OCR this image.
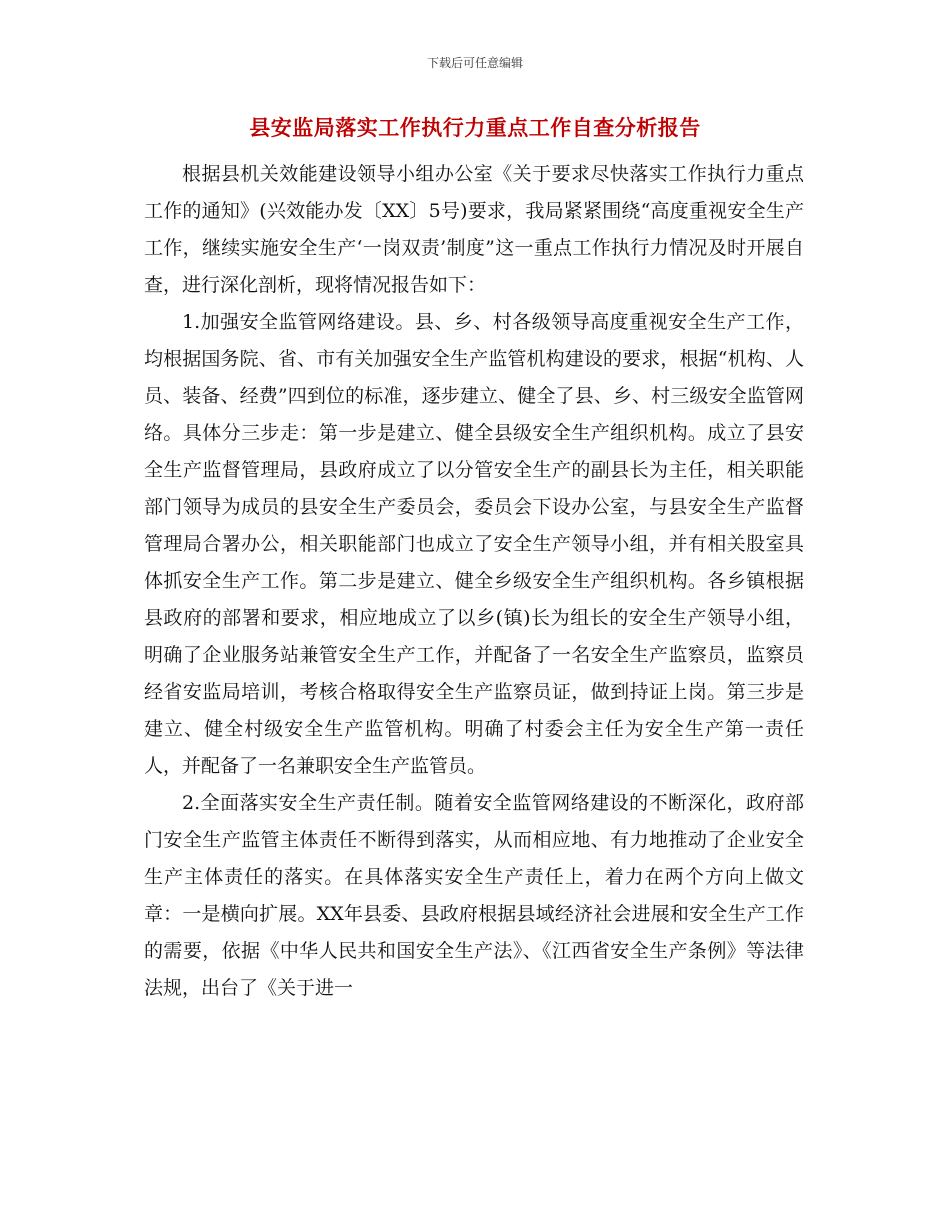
下载后可任意编辑
县安监局落实工作执行力重点工作自查分析报告

根据县机关效能建设领导小组办公室《关于要求尽快落实工作执行力重点工作的通知》(兴效能办发〔XX〕5号)要求，我局紧紧围绕“高度重视安全生产工作，继续实施安全生产‘一岗双责’制度”这一重点工作执行力情况及时开展自查，进行深化剖析，现将情况报告如下：

1.加强安全监管网络建设。县、乡、村各级领导高度重视安全生产工作，均根据国务院、省、市有关加强安全生产监管机构建设的要求，根据“机构、人员、装备、经费”四到位的标准，逐步建立、健全了县、乡、村三级安全监管网络。具体分三步走：第一步是建立、健全县级安全生产组织机构。成立了县安全生产监督管理局，县政府成立了以分管安全生产的副县长为主任，相关职能部门领导为成员的县安全生产委员会，委员会下设办公室，与县安全生产监督管理局合署办公，相关职能部门也成立了安全生产领导小组，并有相关股室具体抓安全生产工作。第二步是建立、健全乡级安全生产组织机构。各乡镇根据县政府的部署和要求，相应地成立了以乡(镇)长为组长的安全生产领导小组，明确了企业服务站兼管安全生产工作，并配备了一名安全生产监察员，监察员经省安监局培训，考核合格取得安全生产监察员证，做到持证上岗。第三步是建立、健全村级安全生产监管机构。明确了村委会主任为安全生产第一责任人，并配备了一名兼职安全生产监管员。

2.全面落实安全生产责任制。随着安全监管网络建设的不断深化，政府部门安全生产监管主体责任不断得到落实，从而相应地、有力地推动了企业安全生产主体责任的落实。在具体落实安全生产责任上，着力在两个方向上做文章：一是横向扩展。XX年县委、县政府根据县域经济社会进展和安全生产工作的需要，依据《中华人民共和国安全生产法》、《江西省安全生产条例》等法律法规，出台了《关于进一
